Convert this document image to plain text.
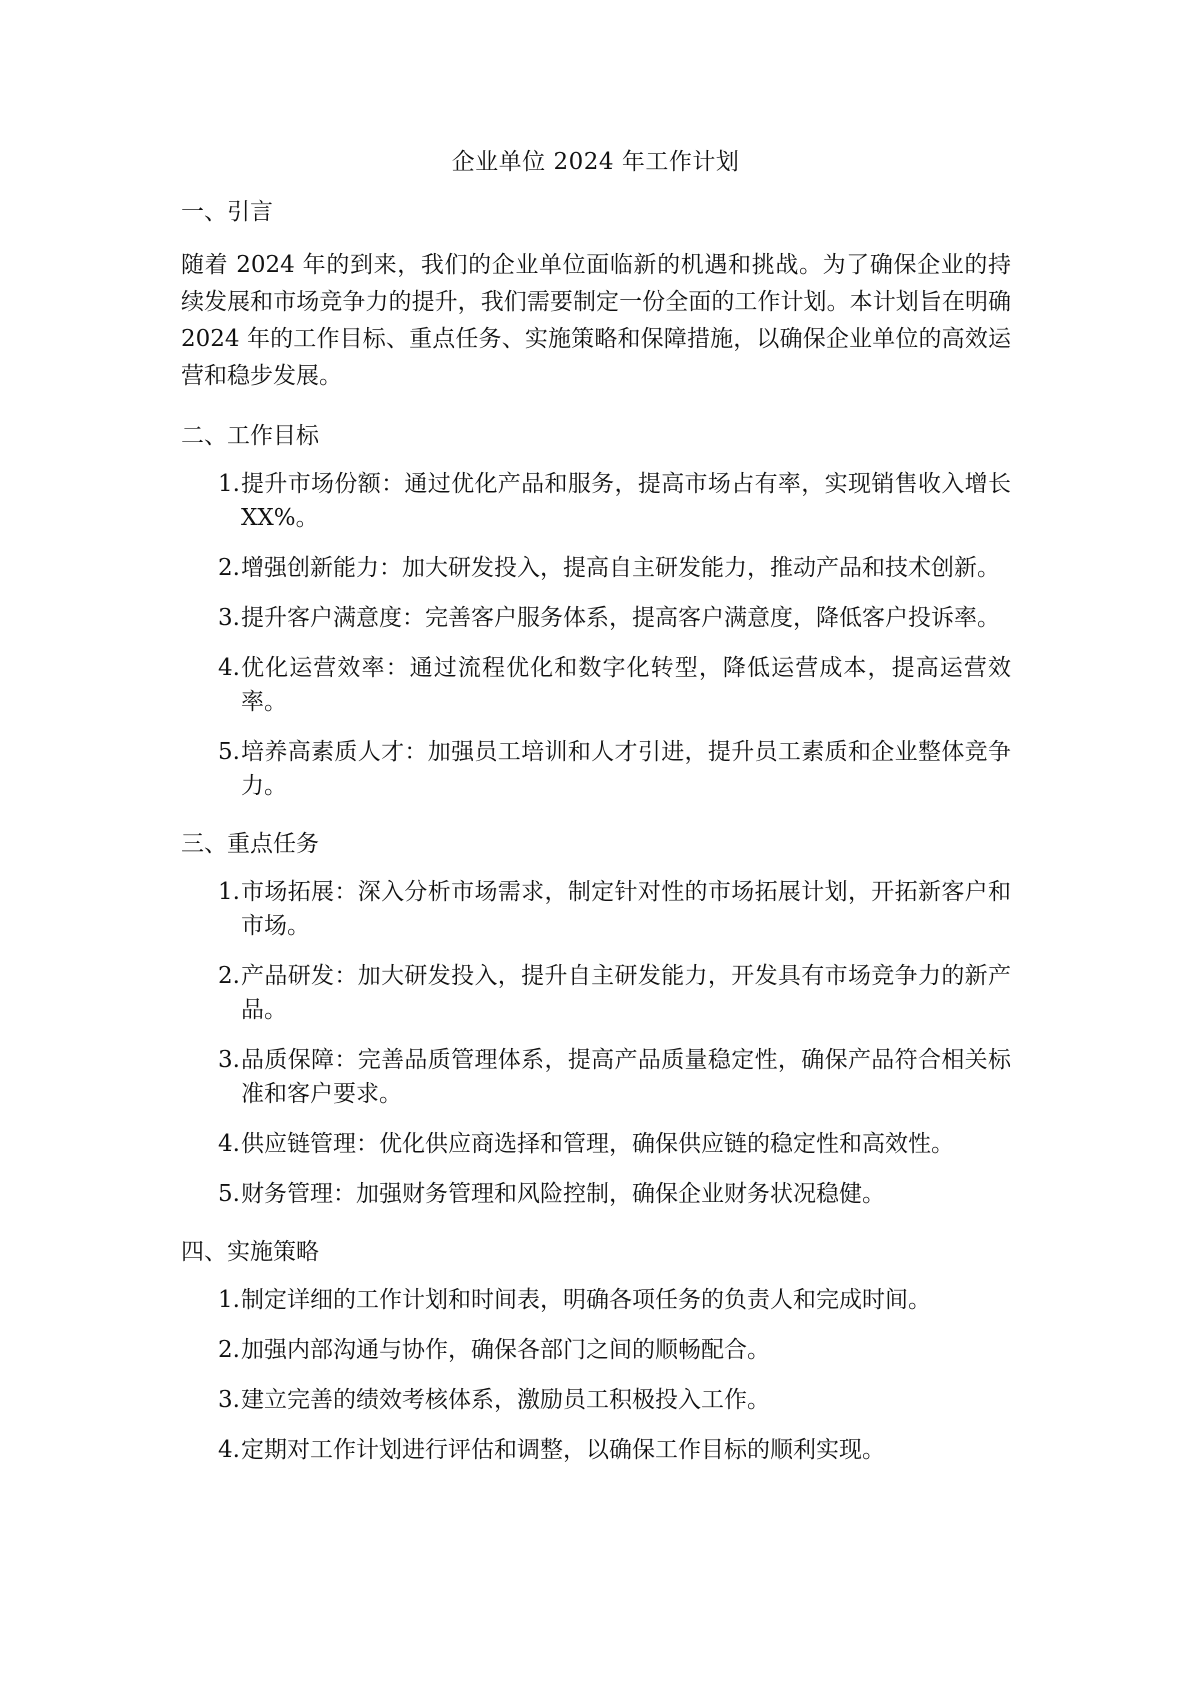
企业单位 2024 年工作计划
一、引言

随着 2024 年的到来，我们的企业单位面临新的机遇和挑战。为了确保企业的持续发展和市场竞争力的提升，我们需要制定一份全面的工作计划。本计划旨在明确 2024 年的工作目标、重点任务、实施策略和保障措施，以确保企业单位的高效运营和稳步发展。

二、工作目标
1. 提升市场份额：通过优化产品和服务，提高市场占有率，实现销售收入增长 XX%。
2. 增强创新能力：加大研发投入，提高自主研发能力，推动产品和技术创新。
3. 提升客户满意度：完善客户服务体系，提高客户满意度，降低客户投诉率。
4. 优化运营效率：通过流程优化和数字化转型，降低运营成本，提高运营效率。
5. 培养高素质人才：加强员工培训和人才引进，提升员工素质和企业整体竞争力。
三、重点任务
1. 市场拓展：深入分析市场需求，制定针对性的市场拓展计划，开拓新客户和市场。
2. 产品研发：加大研发投入，提升自主研发能力，开发具有市场竞争力的新产品。
3. 品质保障：完善品质管理体系，提高产品质量稳定性，确保产品符合相关标准和客户要求。
4. 供应链管理：优化供应商选择和管理，确保供应链的稳定性和高效性。
5. 财务管理：加强财务管理和风险控制，确保企业财务状况稳健。
四、实施策略
1. 制定详细的工作计划和时间表，明确各项任务的负责人和完成时间。
2. 加强内部沟通与协作，确保各部门之间的顺畅配合。
3. 建立完善的绩效考核体系，激励员工积极投入工作。
4. 定期对工作计划进行评估和调整，以确保工作目标的顺利实现。
